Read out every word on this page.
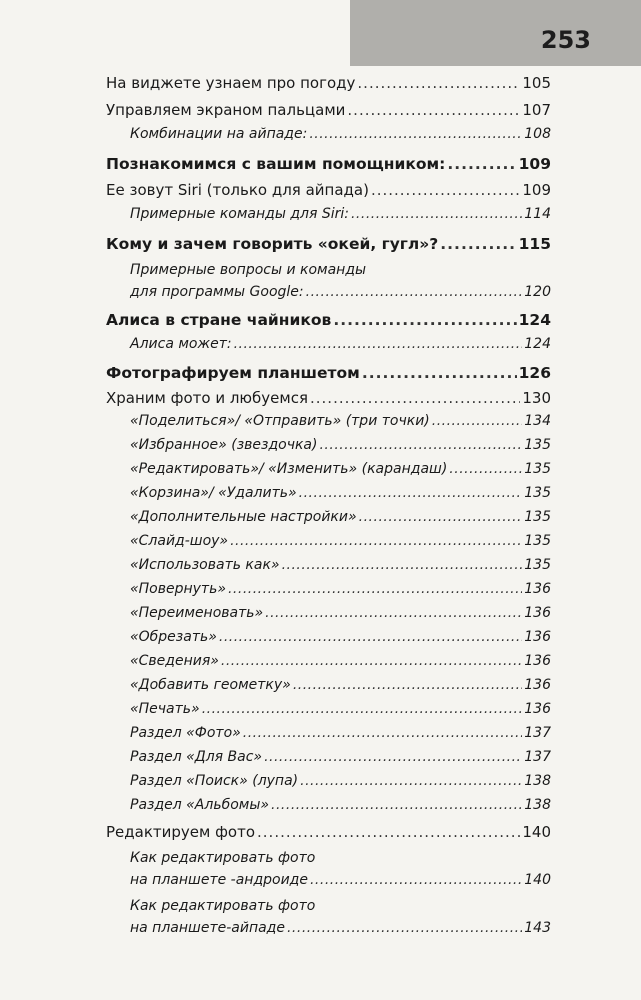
253
На виджете узнаем про погоду .....	105
Управляем экраном пальцами .....	107
Комбинации на айпаде: .....	108
Познакомимся с вашим помощником: .....	109
Ее зовут Siri (только для айпада) .....	109
Примерные команды для Siri: .....	114
Кому и зачем говорить «окей, гугл»? .....	115
Примерные вопросы и команды
для программы Google: .....	120
Алиса в стране чайников .....	124
Алиса может: .....	124
Фотографируем планшетом .....	126
Храним фото и любуемся .....	130
«Поделиться»/ «Отправить» (три точки) .....	134
«Избранное» (звездочка) .....	135
«Редактировать»/ «Изменить» (карандаш) .....	135
«Корзина»/ «Удалить» .....	135
«Дополнительные настройки» .....	135
«Слайд-шоу» .....	135
«Использовать как» .....	135
«Повернуть» .....	136
«Переименовать» .....	136
«Обрезать» .....	136
«Сведения» .....	136
«Добавить геометку» .....	136
«Печать» .....	136
Раздел «Фото» .....	137
Раздел «Для Вас» .....	137
Раздел «Поиск» (лупа) .....	138
Раздел «Альбомы» .....	138
Редактируем фото .....	140
Как редактировать фото
на планшете -андроиде .....	140
Как редактировать фото
на планшете-айпаде .....	143
